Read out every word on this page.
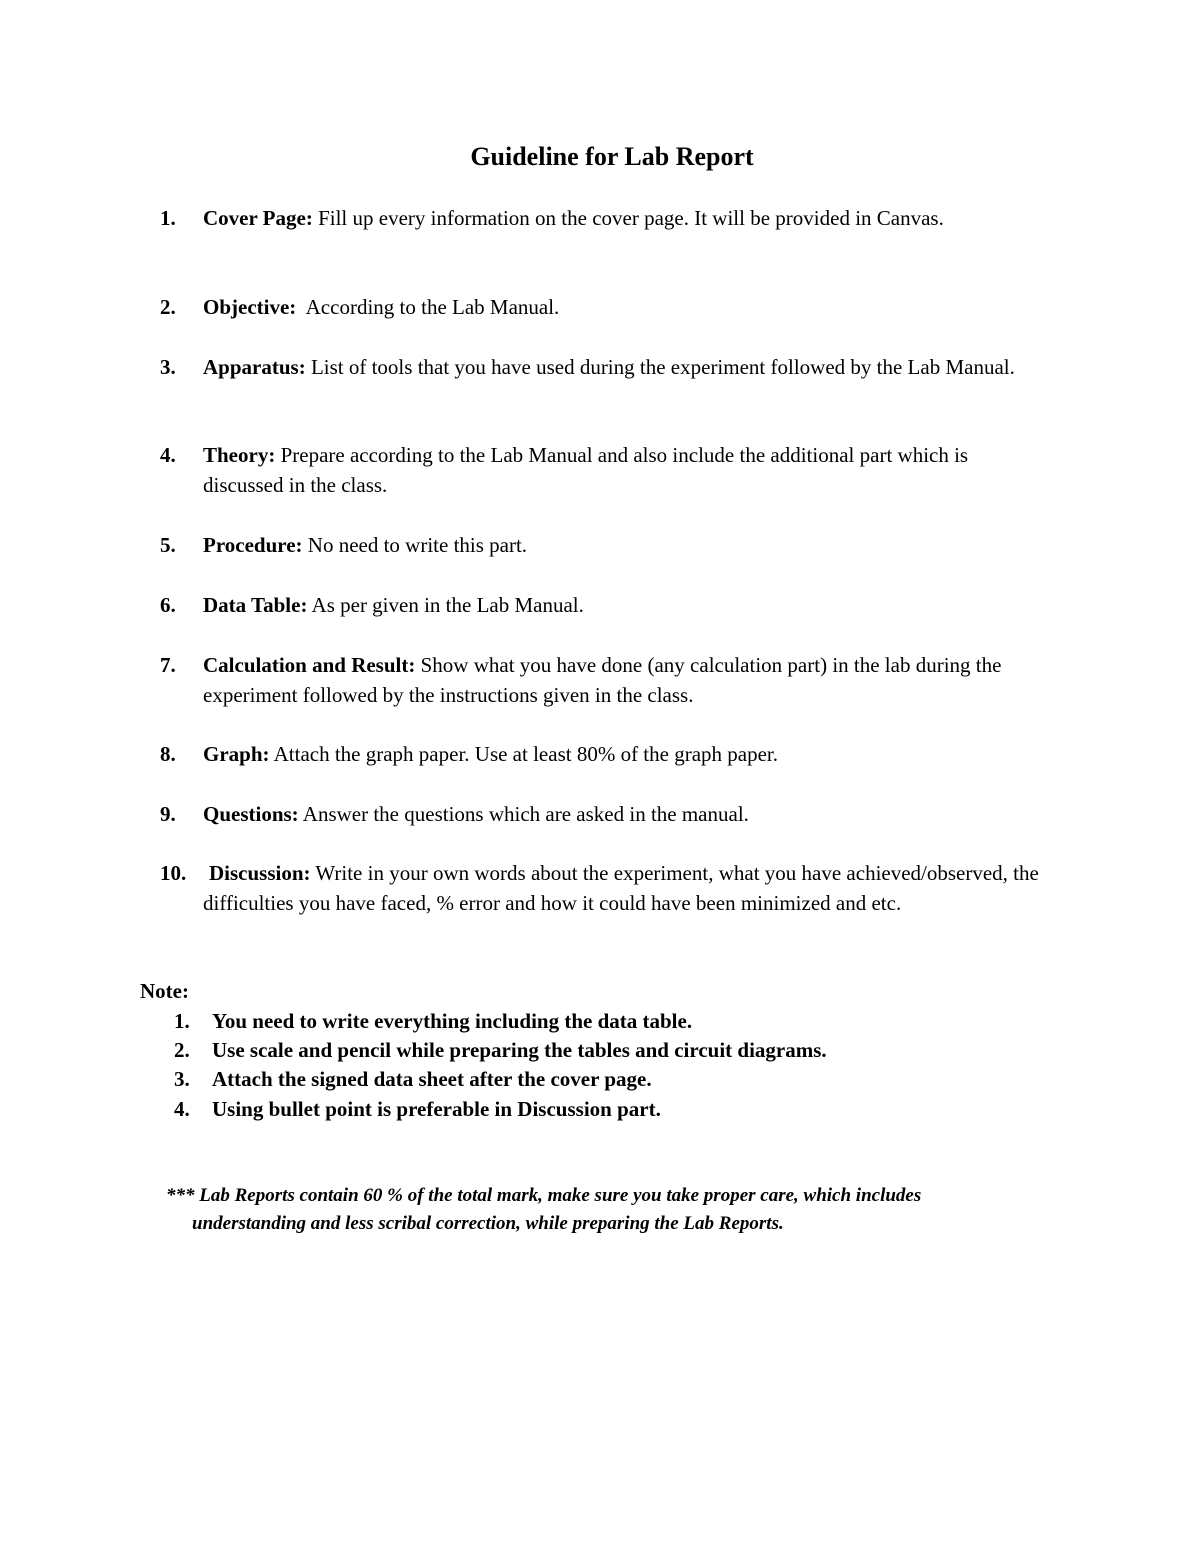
Guideline for Lab Report
1. Cover Page: Fill up every information on the cover page. It will be provided in Canvas.
2. Objective:  According to the Lab Manual.
3. Apparatus: List of tools that you have used during the experiment followed by the Lab Manual.
4. Theory: Prepare according to the Lab Manual and also include the additional part which is discussed in the class.
5. Procedure: No need to write this part.
6. Data Table: As per given in the Lab Manual.
7. Calculation and Result: Show what you have done (any calculation part) in the lab during the experiment followed by the instructions given in the class.
8. Graph: Attach the graph paper. Use at least 80% of the graph paper.
9. Questions: Answer the questions which are asked in the manual.
10. Discussion: Write in your own words about the experiment, what you have achieved/observed, the difficulties you have faced, % error and how it could have been minimized and etc.
Note:
1. You need to write everything including the data table.
2. Use scale and pencil while preparing the tables and circuit diagrams.
3. Attach the signed data sheet after the cover page.
4. Using bullet point is preferable in Discussion part.
*** Lab Reports contain 60 % of the total mark, make sure you take proper care, which includes
understanding and less scribal correction, while preparing the Lab Reports.
